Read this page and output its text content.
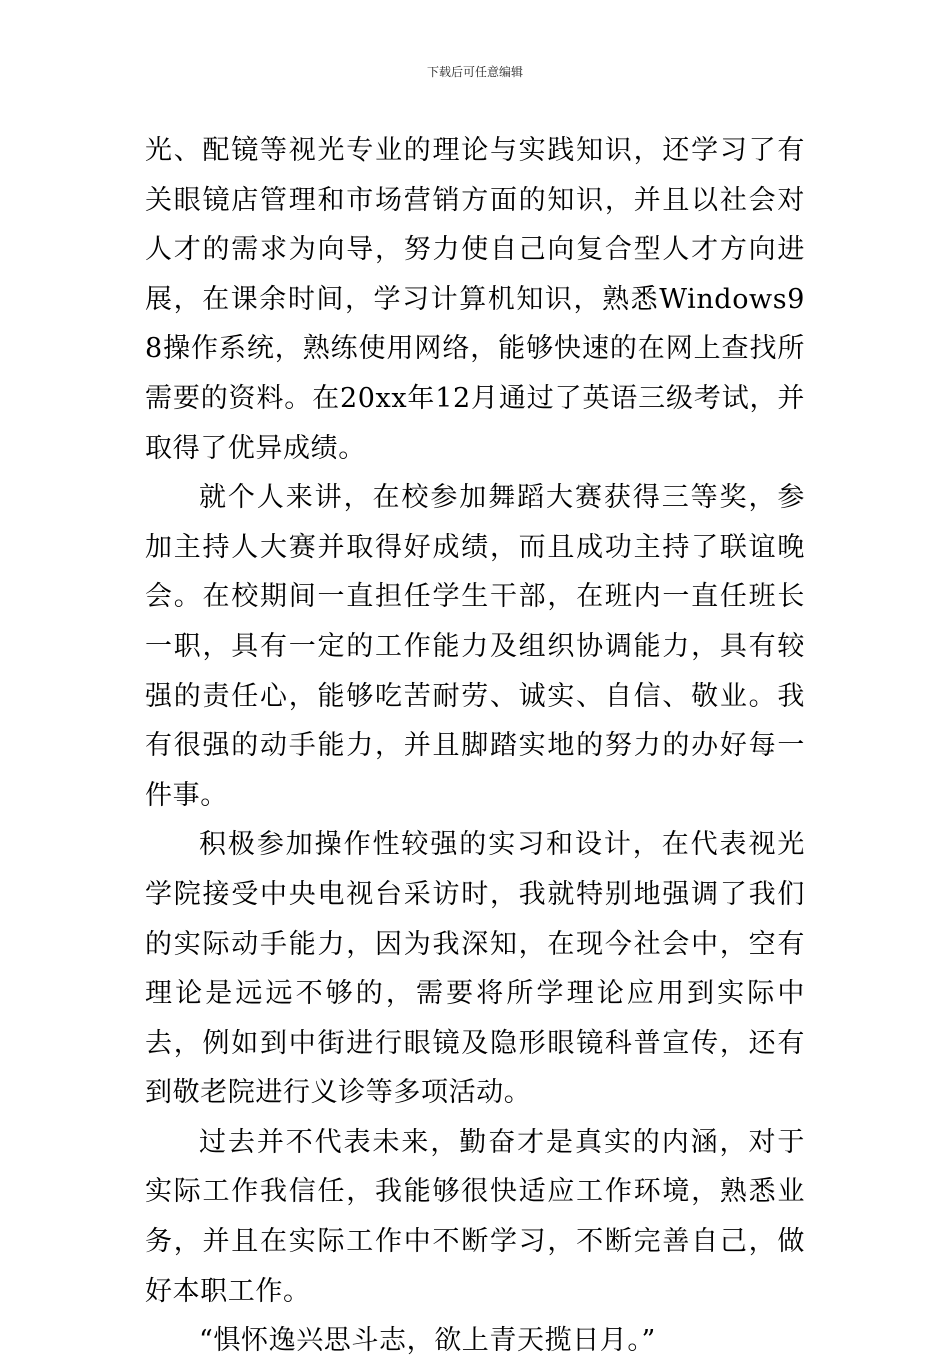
下载后可任意编辑

光、配镜等视光专业的理论与实践知识，还学习了有关眼镜店管理和市场营销方面的知识，并且以社会对人才的需求为向导，努力使自己向复合型人才方向进展，在课余时间，学习计算机知识，熟悉Windows98操作系统，熟练使用网络，能够快速的在网上查找所需要的资料。在20xx年12月通过了英语三级考试，并取得了优异成绩。

就个人来讲，在校参加舞蹈大赛获得三等奖，参加主持人大赛并取得好成绩，而且成功主持了联谊晚会。在校期间一直担任学生干部，在班内一直任班长一职，具有一定的工作能力及组织协调能力，具有较强的责任心，能够吃苦耐劳、诚实、自信、敬业。我有很强的动手能力，并且脚踏实地的努力的办好每一件事。

积极参加操作性较强的实习和设计，在代表视光学院接受中央电视台采访时，我就特别地强调了我们的实际动手能力，因为我深知，在现今社会中，空有理论是远远不够的，需要将所学理论应用到实际中去，例如到中街进行眼镜及隐形眼镜科普宣传，还有到敬老院进行义诊等多项活动。

过去并不代表未来，勤奋才是真实的内涵，对于实际工作我信任，我能够很快适应工作环境，熟悉业务，并且在实际工作中不断学习，不断完善自己，做好本职工作。

“惧怀逸兴思斗志，欲上青天揽日月。”
